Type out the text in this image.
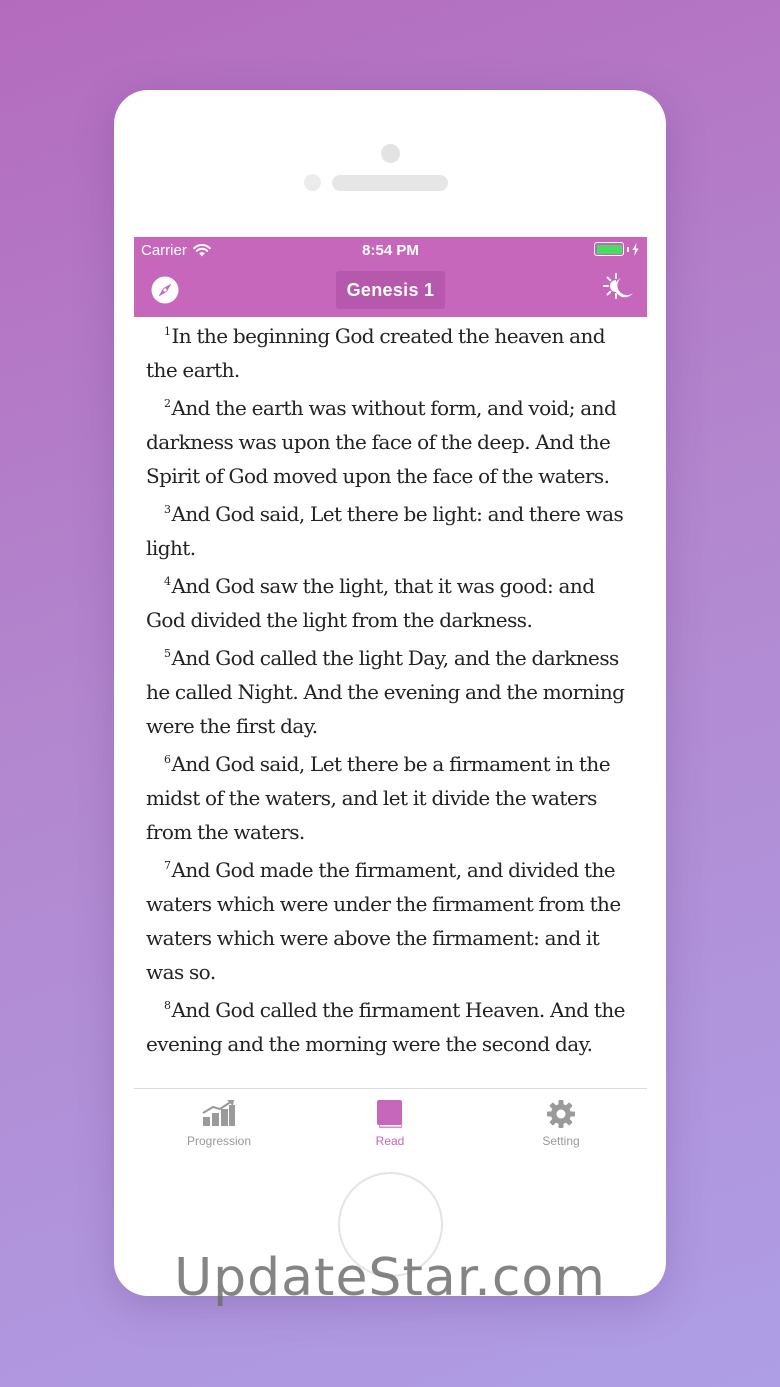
Carrier	8:54 PM
Genesis 1

$^1$In the beginning God created the heaven and the earth.

$^2$And the earth was without form, and void; and darkness was upon the face of the deep. And the Spirit of God moved upon the face of the waters.

$^3$And God said, Let there be light: and there was light.

$^4$And God saw the light, that it was good: and God divided the light from the darkness.

$^5$And God called the light Day, and the darkness he called Night. And the evening and the morning were the first day.

$^6$And God said, Let there be a firmament in the midst of the waters, and let it divide the waters from the waters.

$^7$And God made the firmament, and divided the waters which were under the firmament from the waters which were above the firmament: and it was so.

$^8$And God called the firmament Heaven. And the evening and the morning were the second day.

Progression	Read	Setting
UpdateStar.com
